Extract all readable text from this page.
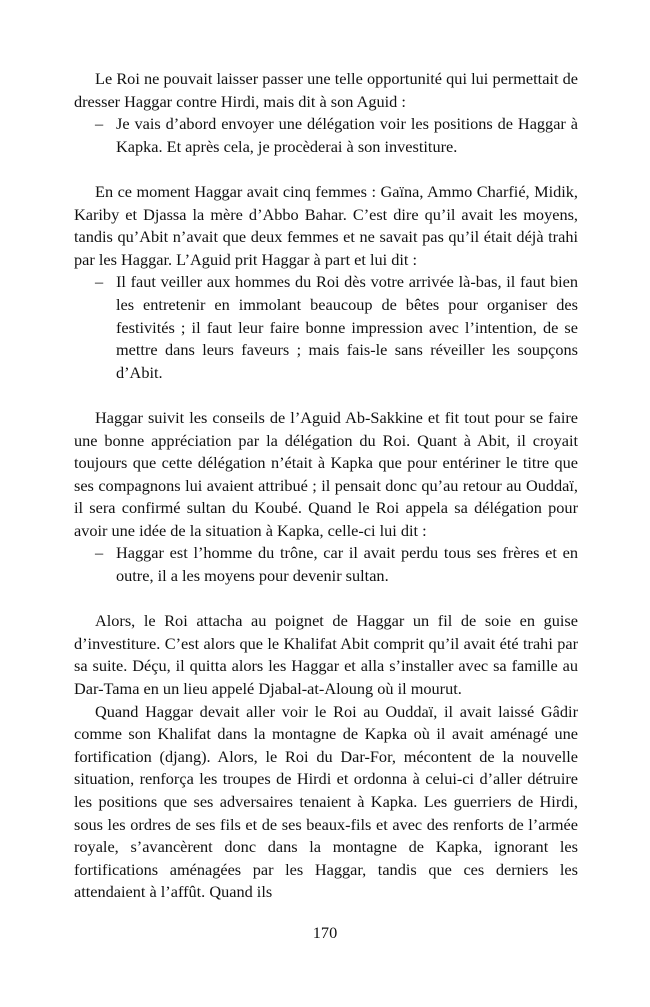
Le Roi ne pouvait laisser passer une telle opportunité qui lui permettait de dresser Haggar contre Hirdi, mais dit à son Aguid :

– Je vais d’abord envoyer une délégation voir les positions de Haggar à Kapka. Et après cela, je procèderai à son investiture.

En ce moment Haggar avait cinq femmes : Gaïna, Ammo Charfié, Midik, Kariby et Djassa la mère d’Abbo Bahar. C’est dire qu’il avait les moyens, tandis qu’Abit n’avait que deux femmes et ne savait pas qu’il était déjà trahi par les Haggar. L’Aguid prit Haggar à part et lui dit :

– Il faut veiller aux hommes du Roi dès votre arrivée là-bas, il faut bien les entretenir en immolant beaucoup de bêtes pour organiser des festivités ; il faut leur faire bonne impression avec l’intention, de se mettre dans leurs faveurs ; mais fais-le sans réveiller les soupçons d’Abit.

Haggar suivit les conseils de l’Aguid Ab-Sakkine et fit tout pour se faire une bonne appréciation par la délégation du Roi. Quant à Abit, il croyait toujours que cette délégation n’était à Kapka que pour entériner le titre que ses compagnons lui avaient attribué ; il pensait donc qu’au retour au Ouddaï, il sera confirmé sultan du Koubé. Quand le Roi appela sa délégation pour avoir une idée de la situation à Kapka, celle-ci lui dit :

– Haggar est l’homme du trône, car il avait perdu tous ses frères et en outre, il a les moyens pour devenir sultan.

Alors, le Roi attacha au poignet de Haggar un fil de soie en guise d’investiture. C’est alors que le Khalifat Abit comprit qu’il avait été trahi par sa suite. Déçu, il quitta alors les Haggar et alla s’installer avec sa famille au Dar-Tama en un lieu appelé Djabal-at-Aloung où il mourut.

Quand Haggar devait aller voir le Roi au Ouddaï, il avait laissé Gâdir comme son Khalifat dans la montagne de Kapka où il avait aménagé une fortification (djang). Alors, le Roi du Dar-For, mécontent de la nouvelle situation, renforça les troupes de Hirdi et ordonna à celui-ci d’aller détruire les positions que ses adversaires tenaient à Kapka. Les guerriers de Hirdi, sous les ordres de ses fils et de ses beaux-fils et avec des renforts de l’armée royale, s’avancèrent donc dans la montagne de Kapka, ignorant les fortifications aménagées par les Haggar, tandis que ces derniers les attendaient à l’affût. Quand ils

170
